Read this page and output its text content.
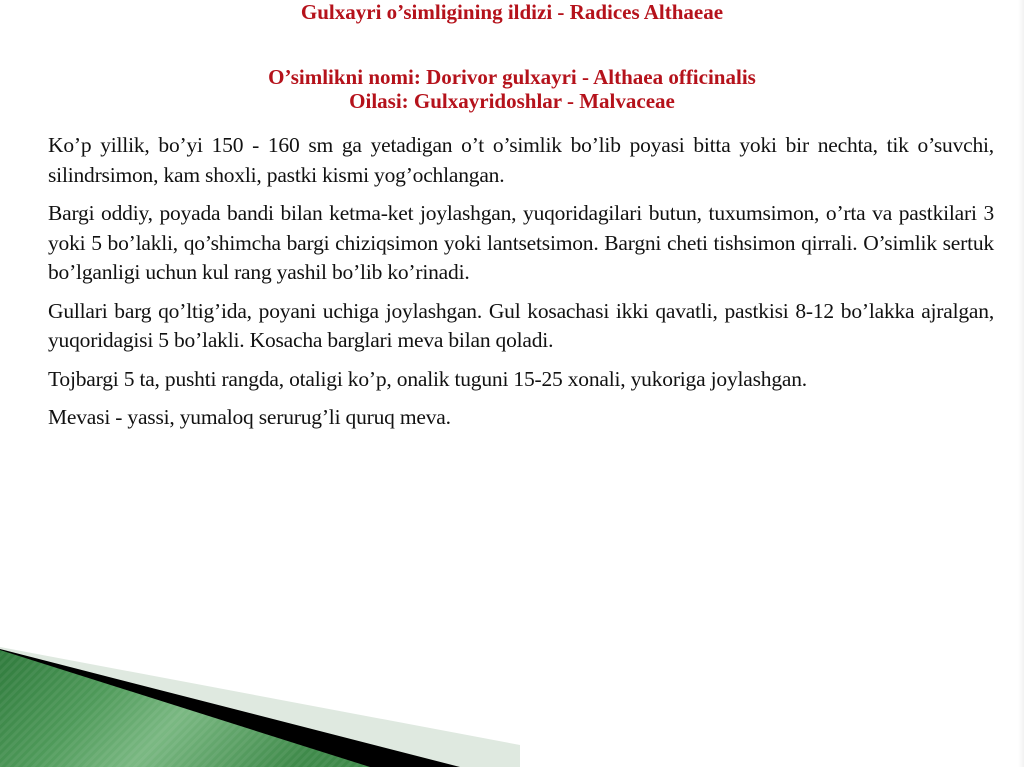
Gulxayri o’simligining ildizi - Radices Althaeae
O’simlikni nomi: Dorivor gulxayri - Althaea officinalis
Oilasi: Gulxayridoshlar - Malvaceae

Ko’p yillik, bo’yi 150 - 160 sm ga yetadigan o’t o’simlik bo’lib poyasi bitta yoki bir nechta, tik o’suvchi, silindrsimon, kam shoxli, pastki kismi yog’ochlangan.

Bargi oddiy, poyada bandi bilan ketma-ket joylashgan, yuqoridagilari butun, tuxumsimon, o’rta va pastkilari 3 yoki 5 bo’lakli, qo’shimcha bargi chiziqsimon yoki lantsetsimon. Bargni cheti tishsimon qirrali. O’simlik sertuk bo’lganligi uchun kul rang yashil bo’lib ko’rinadi.

Gullari barg qo’ltig’ida, poyani uchiga joylashgan. Gul kosachasi ikki qavatli, pastkisi 8-12 bo’lakka ajralgan, yuqoridagisi 5 bo’lakli. Kosacha barglari meva bilan qoladi.

Tojbargi 5 ta, pushti rangda, otaligi ko’p, onalik tuguni 15-25 xonali, yukoriga joylashgan.

Mevasi - yassi, yumaloq serurug’li quruq meva.
